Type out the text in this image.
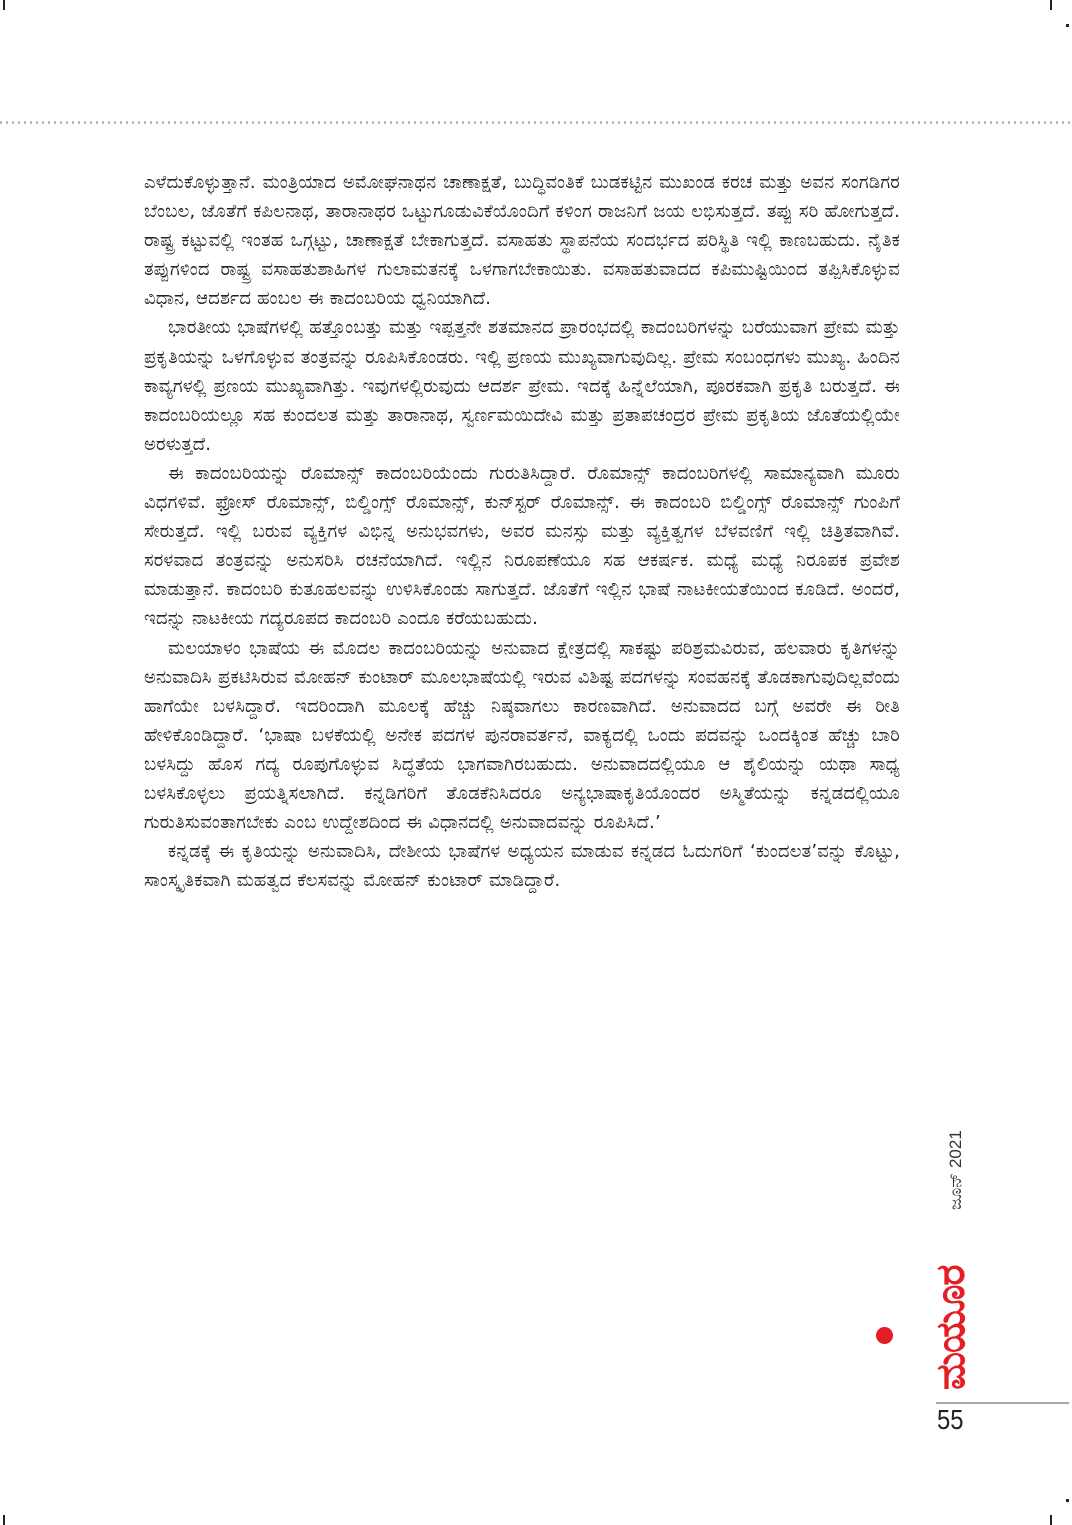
ಎಳೆದುಕೊಳ್ಳುತ್ತಾನೆ. ಮಂತ್ರಿಯಾದ ಅಮೋಘನಾಥನ ಚಾಣಾಕ್ಷತೆ, ಬುದ್ಧಿವಂತಿಕೆ ಬುಡಕಟ್ಟಿನ ಮುಖಂಡ ಕರಚ ಮತ್ತು ಅವನ ಸಂಗಡಿಗರ ಬೆಂಬಲ, ಜೊತೆಗೆ ಕಪಿಲನಾಥ, ತಾರಾನಾಥರ ಒಟ್ಟುಗೂಡುವಿಕೆಯೊಂದಿಗೆ ಕಳಿಂಗ ರಾಜನಿಗೆ ಜಯ ಲಭಿಸುತ್ತದೆ. ತಪ್ಪು ಸರಿ ಹೋಗುತ್ತದೆ. ರಾಷ್ಟ್ರ ಕಟ್ಟುವಲ್ಲಿ ಇಂತಹ ಒಗ್ಗಟ್ಟು, ಚಾಣಾಕ್ಷತೆ ಬೇಕಾಗುತ್ತದೆ. ವಸಾಹತು ಸ್ಥಾಪನೆಯ ಸಂದರ್ಭದ ಪರಿಸ್ಥಿತಿ ಇಲ್ಲಿ ಕಾಣಬಹುದು. ನೈತಿಕ ತಪ್ಪುಗಳಿಂದ ರಾಷ್ಟ್ರ ವಸಾಹತುಶಾಹಿಗಳ ಗುಲಾಮತನಕ್ಕೆ ಒಳಗಾಗಬೇಕಾಯಿತು. ವಸಾಹತುವಾದದ ಕಪಿಮುಷ್ಟಿಯಿಂದ ತಪ್ಪಿಸಿಕೊಳ್ಳುವ ವಿಧಾನ, ಆದರ್ಶದ ಹಂಬಲ ಈ ಕಾದಂಬರಿಯ ಧ್ವನಿಯಾಗಿದೆ.

ಭಾರತೀಯ ಭಾಷೆಗಳಲ್ಲಿ ಹತ್ತೊಂಬತ್ತು ಮತ್ತು ಇಪ್ಪತ್ತನೇ ಶತಮಾನದ ಪ್ರಾರಂಭದಲ್ಲಿ ಕಾದಂಬರಿಗಳನ್ನು ಬರೆಯುವಾಗ ಪ್ರೇಮ ಮತ್ತು ಪ್ರಕೃತಿಯನ್ನು ಒಳಗೊಳ್ಳುವ ತಂತ್ರವನ್ನು ರೂಪಿಸಿಕೊಂಡರು. ಇಲ್ಲಿ ಪ್ರಣಯ ಮುಖ್ಯವಾಗುವುದಿಲ್ಲ. ಪ್ರೇಮ ಸಂಬಂಧಗಳು ಮುಖ್ಯ. ಹಿಂದಿನ ಕಾವ್ಯಗಳಲ್ಲಿ ಪ್ರಣಯ ಮುಖ್ಯವಾಗಿತ್ತು. ಇವುಗಳಲ್ಲಿರುವುದು ಆದರ್ಶ ಪ್ರೇಮ. ಇದಕ್ಕೆ ಹಿನ್ನೆಲೆಯಾಗಿ, ಪೂರಕವಾಗಿ ಪ್ರಕೃತಿ ಬರುತ್ತದೆ. ಈ ಕಾದಂಬರಿಯಲ್ಲೂ ಸಹ ಕುಂದಲತ ಮತ್ತು ತಾರಾನಾಥ, ಸ್ವರ್ಣಮಯಿದೇವಿ ಮತ್ತು ಪ್ರತಾಪಚಂದ್ರರ ಪ್ರೇಮ ಪ್ರಕೃತಿಯ ಜೊತೆಯಲ್ಲಿಯೇ ಅರಳುತ್ತದೆ.

ಈ ಕಾದಂಬರಿಯನ್ನು ರೊಮಾನ್ಸ್ ಕಾದಂಬರಿಯೆಂದು ಗುರುತಿಸಿದ್ದಾರೆ. ರೊಮಾನ್ಸ್ ಕಾದಂಬರಿಗಳಲ್ಲಿ ಸಾಮಾನ್ಯವಾಗಿ ಮೂರು ವಿಧಗಳಿವೆ. ಫ್ರೋಸ್ ರೊಮಾನ್ಸ್, ಬಿಲ್ಡಿಂಗ್ಸ್ ರೊಮಾನ್ಸ್, ಕುನ್‌ಸ್ಟರ್ ರೊಮಾನ್ಸ್. ಈ ಕಾದಂಬರಿ ಬಿಲ್ಡಿಂಗ್ಸ್ ರೊಮಾನ್ಸ್ ಗುಂಪಿಗೆ ಸೇರುತ್ತದೆ. ಇಲ್ಲಿ ಬರುವ ವ್ಯಕ್ತಿಗಳ ವಿಭಿನ್ನ ಅನುಭವಗಳು, ಅವರ ಮನಸ್ಸು ಮತ್ತು ವ್ಯಕ್ತಿತ್ವಗಳ ಬೆಳವಣಿಗೆ ಇಲ್ಲಿ ಚಿತ್ರಿತವಾಗಿವೆ. ಸರಳವಾದ ತಂತ್ರವನ್ನು ಅನುಸರಿಸಿ ರಚನೆಯಾಗಿದೆ. ಇಲ್ಲಿನ ನಿರೂಪಣೆಯೂ ಸಹ ಆಕರ್ಷಕ. ಮಧ್ಯೆ ಮಧ್ಯೆ ನಿರೂಪಕ ಪ್ರವೇಶ ಮಾಡುತ್ತಾನೆ. ಕಾದಂಬರಿ ಕುತೂಹಲವನ್ನು ಉಳಿಸಿಕೊಂಡು ಸಾಗುತ್ತದೆ. ಜೊತೆಗೆ ಇಲ್ಲಿನ ಭಾಷೆ ನಾಟಕೀಯತೆಯಿಂದ ಕೂಡಿದೆ. ಅಂದರೆ, ಇದನ್ನು ನಾಟಕೀಯ ಗದ್ಯರೂಪದ ಕಾದಂಬರಿ ಎಂದೂ ಕರೆಯಬಹುದು.

ಮಲಯಾಳಂ ಭಾಷೆಯ ಈ ಮೊದಲ ಕಾದಂಬರಿಯನ್ನು ಅನುವಾದ ಕ್ಷೇತ್ರದಲ್ಲಿ ಸಾಕಷ್ಟು ಪರಿಶ್ರಮವಿರುವ, ಹಲವಾರು ಕೃತಿಗಳನ್ನು ಅನುವಾದಿಸಿ ಪ್ರಕಟಿಸಿರುವ ಮೋಹನ್ ಕುಂಟಾರ್ ಮೂಲಭಾಷೆಯಲ್ಲಿ ಇರುವ ವಿಶಿಷ್ಟ ಪದಗಳನ್ನು ಸಂವಹನಕ್ಕೆ ತೊಡಕಾಗುವುದಿಲ್ಲವೆಂದು ಹಾಗೆಯೇ ಬಳಸಿದ್ದಾರೆ. ಇದರಿಂದಾಗಿ ಮೂಲಕ್ಕೆ ಹೆಚ್ಚು ನಿಷ್ಠವಾಗಲು ಕಾರಣವಾಗಿದೆ. ಅನುವಾದದ ಬಗ್ಗೆ ಅವರೇ ಈ ರೀತಿ ಹೇಳಿಕೊಂಡಿದ್ದಾರೆ. ‘ಭಾಷಾ ಬಳಕೆಯಲ್ಲಿ ಅನೇಕ ಪದಗಳ ಪುನರಾವರ್ತನೆ, ವಾಕ್ಯದಲ್ಲಿ ಒಂದು ಪದವನ್ನು ಒಂದಕ್ಕಿಂತ ಹೆಚ್ಚು ಬಾರಿ ಬಳಸಿದ್ದು ಹೊಸ ಗದ್ಯ ರೂಪುಗೊಳ್ಳುವ ಸಿದ್ಧತೆಯ ಭಾಗವಾಗಿರಬಹುದು. ಅನುವಾದದಲ್ಲಿಯೂ ಆ ಶೈಲಿಯನ್ನು ಯಥಾ ಸಾಧ್ಯ ಬಳಸಿಕೊಳ್ಳಲು ಪ್ರಯತ್ನಿಸಲಾಗಿದೆ. ಕನ್ನಡಿಗರಿಗೆ ತೊಡಕೆನಿಸಿದರೂ ಅನ್ಯಭಾಷಾಕೃತಿಯೊಂದರ ಅಸ್ಮಿತೆಯನ್ನು ಕನ್ನಡದಲ್ಲಿಯೂ ಗುರುತಿಸುವಂತಾಗಬೇಕು ಎಂಬ ಉದ್ದೇಶದಿಂದ ಈ ವಿಧಾನದಲ್ಲಿ ಅನುವಾದವನ್ನು ರೂಪಿಸಿದೆ.’

ಕನ್ನಡಕ್ಕೆ ಈ ಕೃತಿಯನ್ನು ಅನುವಾದಿಸಿ, ದೇಶೀಯ ಭಾಷೆಗಳ ಅಧ್ಯಯನ ಮಾಡುವ ಕನ್ನಡದ ಓದುಗರಿಗೆ ‘ಕುಂದಲತ’ವನ್ನು ಕೊಟ್ಟು, ಸಾಂಸ್ಕೃತಿಕವಾಗಿ ಮಹತ್ವದ ಕೆಲಸವನ್ನು ಮೋಹನ್ ಕುಂಟಾರ್ ಮಾಡಿದ್ದಾರೆ.

ಜೂನ್ 2021
ಮಯೂರ
55
